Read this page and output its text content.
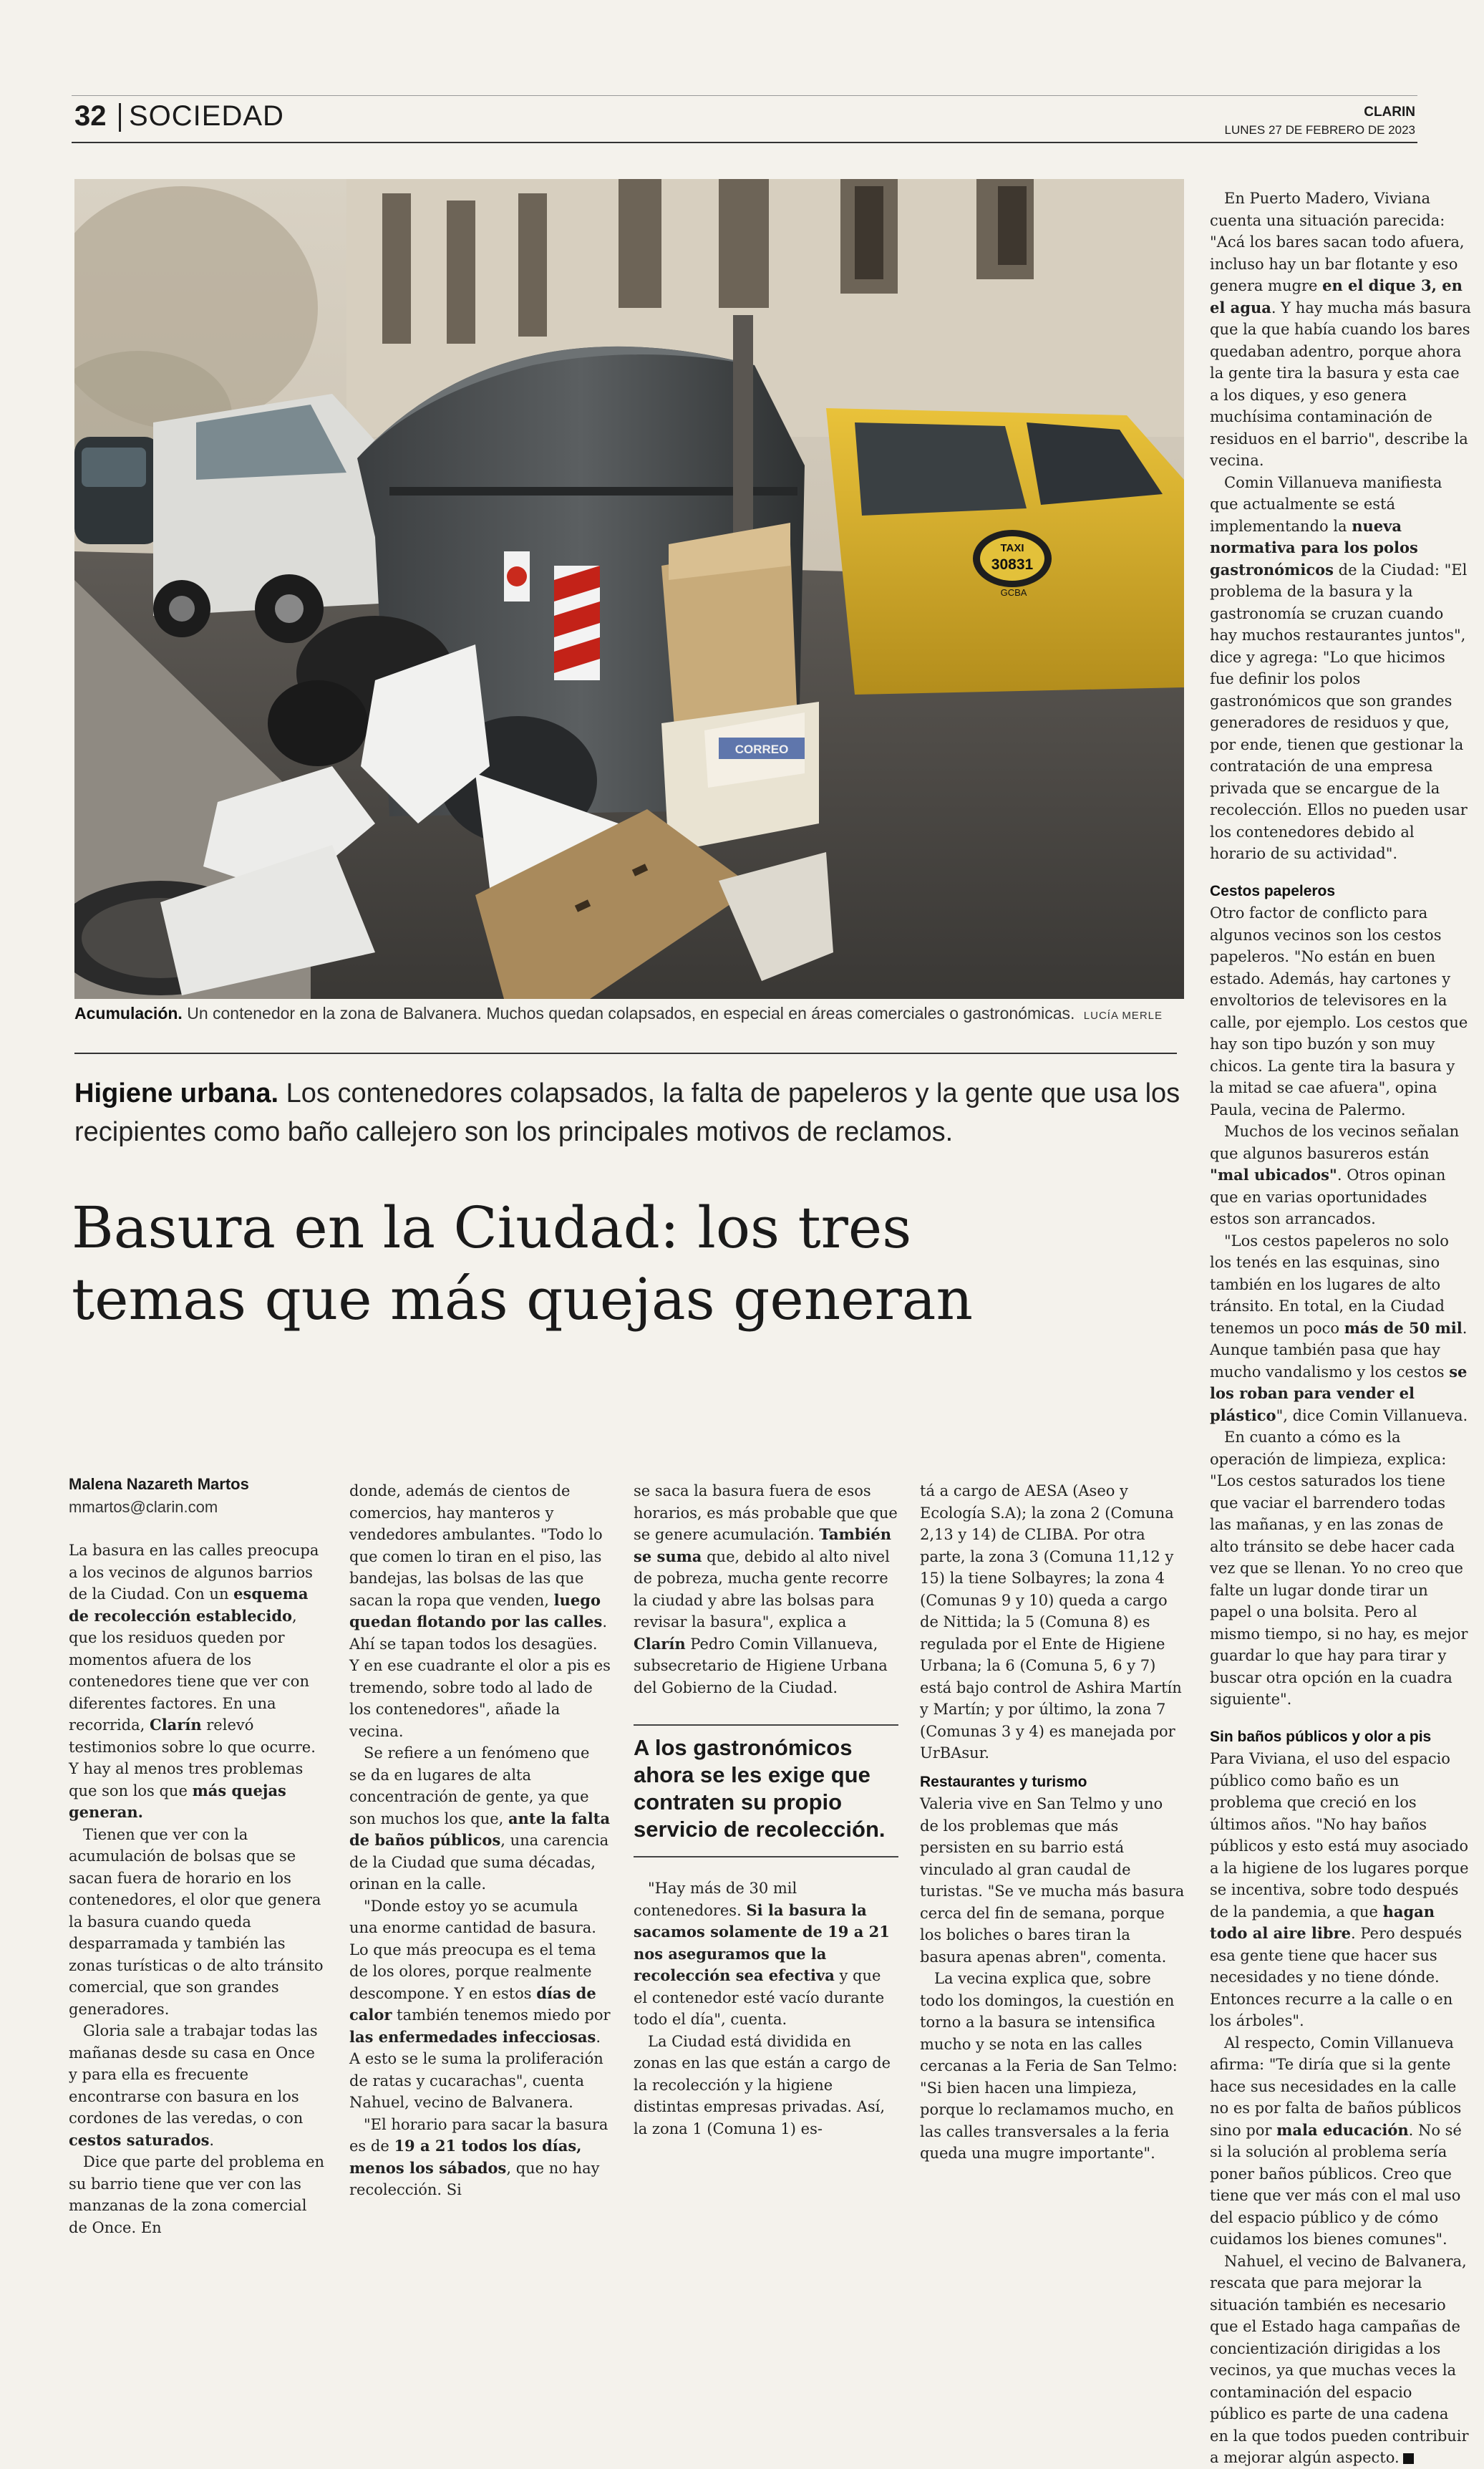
32 SOCIEDAD	CLARIN
LUNES 27 DE FEBRERO DE 2023
TAXI
30831
GCBA
CORREO
Acumulación. Un contenedor en la zona de Balvanera. Muchos quedan colapsados, en especial en áreas comerciales o gastronómicas. LUCÍA MERLE
Higiene urbana. Los contenedores colapsados, la falta de papeleros y la gente que usa los recipientes como baño callejero son los principales motivos de reclamos.
Basura en la Ciudad: los tres
temas que más quejas generan
Malena Nazareth Martos
mmartos@clarin.com

La basura en las calles preocupa a los vecinos de algunos barrios de la Ciudad. Con un esquema de recolección establecido, que los residuos queden por momentos afuera de los contenedores tiene que ver con diferentes factores. En una recorrida, Clarín relevó testimonios sobre lo que ocurre. Y hay al menos tres problemas que son los que más quejas generan.

Tienen que ver con la acumulación de bolsas que se sacan fuera de horario en los contenedores, el olor que genera la basura cuando queda desparramada y también las zonas turísticas o de alto tránsito comercial, que son grandes generadores.

Gloria sale a trabajar todas las mañanas desde su casa en Once y para ella es frecuente encontrarse con basura en los cordones de las veredas, o con cestos saturados.

Dice que parte del problema en su barrio tiene que ver con las manzanas de la zona comercial de Once. En

donde, además de cientos de comercios, hay manteros y vendedores ambulantes. "Todo lo que comen lo tiran en el piso, las bandejas, las bolsas de las que sacan la ropa que venden, luego quedan flotando por las calles. Ahí se tapan todos los desagües. Y en ese cuadrante el olor a pis es tremendo, sobre todo al lado de los contenedores", añade la vecina.

Se refiere a un fenómeno que se da en lugares de alta concentración de gente, ya que son muchos los que, ante la falta de baños públicos, una carencia de la Ciudad que suma décadas, orinan en la calle.

"Donde estoy yo se acumula una enorme cantidad de basura. Lo que más preocupa es el tema de los olores, porque realmente descompone. Y en estos días de calor también tenemos miedo por las enfermedades infecciosas. A esto se le suma la proliferación de ratas y cucarachas", cuenta Nahuel, vecino de Balvanera.

"El horario para sacar la basura es de 19 a 21 todos los días, menos los sábados, que no hay recolección. Si

se saca la basura fuera de esos horarios, es más probable que que se genere acumulación. También se suma que, debido al alto nivel de pobreza, mucha gente recorre la ciudad y abre las bolsas para revisar la basura", explica a Clarín Pedro Comin Villanueva, subsecretario de Higiene Urbana del Gobierno de la Ciudad.

A los gastronómicos ahora se les exige que contraten su propio servicio de recolección.

"Hay más de 30 mil contenedores. Si la basura la sacamos solamente de 19 a 21 nos aseguramos que la recolección sea efectiva y que el contenedor esté vacío durante todo el día", cuenta.

La Ciudad está dividida en zonas en las que están a cargo de la recolección y la higiene distintas empresas privadas. Así, la zona 1 (Comuna 1) es-

tá a cargo de AESA (Aseo y Ecología S.A); la zona 2 (Comuna 2,13 y 14) de CLIBA. Por otra parte, la zona 3 (Comuna 11,12 y 15) la tiene Solbayres; la zona 4 (Comunas 9 y 10) queda a cargo de Nittida; la 5 (Comuna 8) es regulada por el Ente de Higiene Urbana; la 6 (Comuna 5, 6 y 7) está bajo control de Ashira Martín y Martín; y por último, la zona 7 (Comunas 3 y 4) es manejada por UrBAsur.

Restaurantes y turismo

Valeria vive en San Telmo y uno de los problemas que más persisten en su barrio está vinculado al gran caudal de turistas. "Se ve mucha más basura cerca del fin de semana, porque los boliches o bares tiran la basura apenas abren", comenta.

La vecina explica que, sobre todo los domingos, la cuestión en torno a la basura se intensifica mucho y se nota en las calles cercanas a la Feria de San Telmo: "Si bien hacen una limpieza, porque lo reclamamos mucho, en las calles transversales a la feria queda una mugre importante".

En Puerto Madero, Viviana cuenta una situación parecida: "Acá los bares sacan todo afuera, incluso hay un bar flotante y eso genera mugre en el dique 3, en el agua. Y hay mucha más basura que la que había cuando los bares quedaban adentro, porque ahora la gente tira la basura y esta cae a los diques, y eso genera muchísima contaminación de residuos en el barrio", describe la vecina.

Comin Villanueva manifiesta que actualmente se está implementando la nueva normativa para los polos gastronómicos de la Ciudad: "El problema de la basura y la gastronomía se cruzan cuando hay muchos restaurantes juntos", dice y agrega: "Lo que hicimos fue definir los polos gastronómicos que son grandes generadores de residuos y que, por ende, tienen que gestionar la contratación de una empresa privada que se encargue de la recolección. Ellos no pueden usar los contenedores debido al horario de su actividad".

Cestos papeleros

Otro factor de conflicto para algunos vecinos son los cestos papeleros. "No están en buen estado. Además, hay cartones y envoltorios de televisores en la calle, por ejemplo. Los cestos que hay son tipo buzón y son muy chicos. La gente tira la basura y la mitad se cae afuera", opina Paula, vecina de Palermo.

Muchos de los vecinos señalan que algunos basureros están "mal ubicados". Otros opinan que en varias oportunidades estos son arrancados.

"Los cestos papeleros no solo los tenés en las esquinas, sino también en los lugares de alto tránsito. En total, en la Ciudad tenemos un poco más de 50 mil. Aunque también pasa que hay mucho vandalismo y los cestos se los roban para vender el plástico", dice Comin Villanueva.

En cuanto a cómo es la operación de limpieza, explica: "Los cestos saturados los tiene que vaciar el barrendero todas las mañanas, y en las zonas de alto tránsito se debe hacer cada vez que se llenan. Yo no creo que falte un lugar donde tirar un papel o una bolsita. Pero al mismo tiempo, si no hay, es mejor guardar lo que hay para tirar y buscar otra opción en la cuadra siguiente".

Sin baños públicos y olor a pis

Para Viviana, el uso del espacio público como baño es un problema que creció en los últimos años. "No hay baños públicos y esto está muy asociado a la higiene de los lugares porque se incentiva, sobre todo después de la pandemia, a que hagan todo al aire libre. Pero después esa gente tiene que hacer sus necesidades y no tiene dónde. Entonces recurre a la calle o en los árboles".

Al respecto, Comin Villanueva afirma: "Te diría que si la gente hace sus necesidades en la calle no es por falta de baños públicos sino por mala educación. No sé si la solución al problema sería poner baños públicos. Creo que tiene que ver más con el mal uso del espacio público y de cómo cuidamos los bienes comunes".

Nahuel, el vecino de Balvanera, rescata que para mejorar la situación también es necesario que el Estado haga campañas de concientización dirigidas a los vecinos, ya que muchas veces la contaminación del espacio público es parte de una cadena en la que todos pueden contribuir a mejorar algún aspecto.
